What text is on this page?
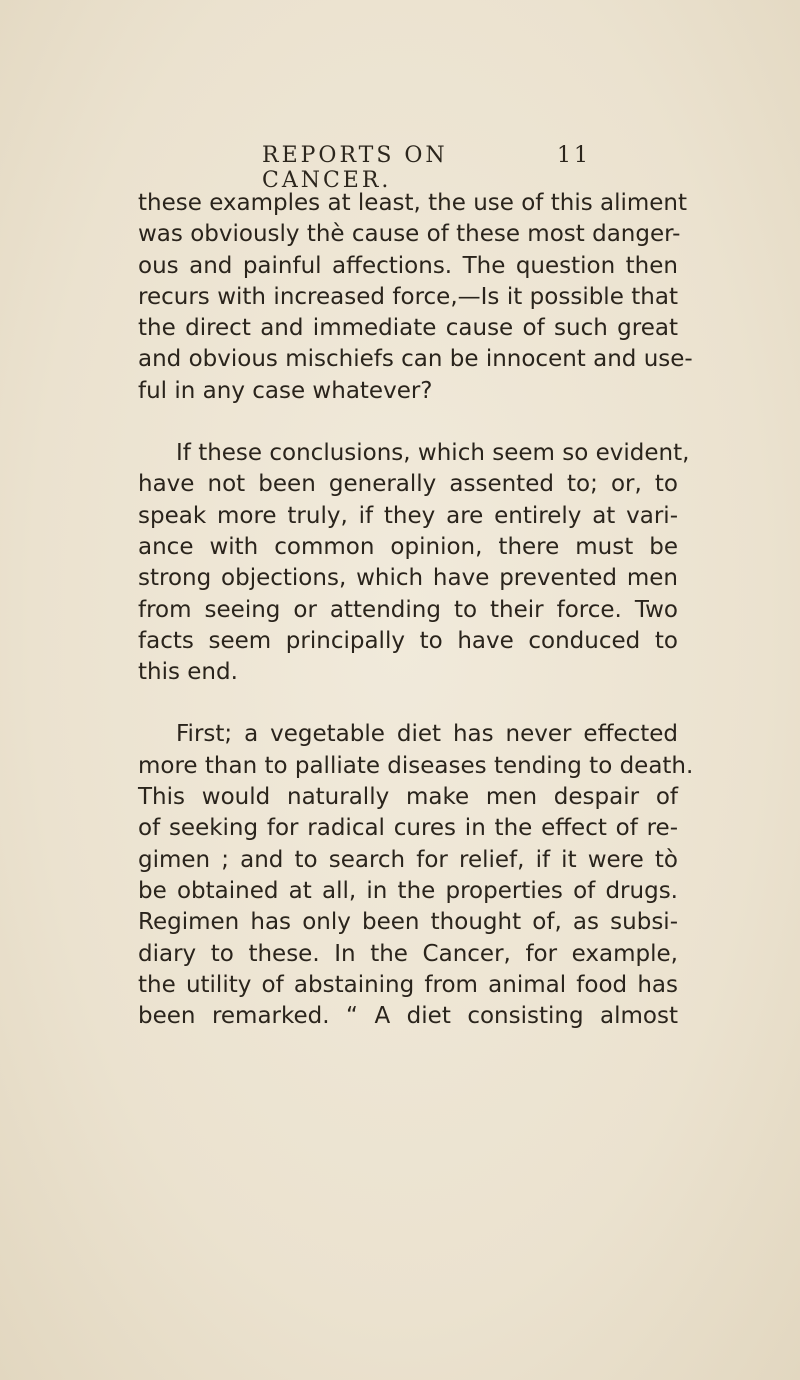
REPORTS ON CANCER.
11
these examples at least, the use of this aliment
was obviously thè cause of these most danger-
ous and painful affections. The question then
recurs with increased force,—Is it possible that
the direct and immediate cause of such great
and obvious mischiefs can be innocent and use-
ful in any case whatever?
If these conclusions, which seem so evident,
have not been generally assented to; or, to
speak more truly, if they are entirely at vari-
ance with common opinion, there must be
strong objections, which have prevented men
from seeing or attending to their force. Two
facts seem principally to have conduced to
this end.
First; a vegetable diet has never effected
more than to palliate diseases tending to death.
This would naturally make men despair of
of seeking for radical cures in the effect of re-
gimen ; and to search for relief, if it were tò
be obtained at all, in the properties of drugs.
Regimen has only been thought of, as subsi-
diary to these. In the Cancer, for example,
the utility of abstaining from animal food has
been remarked. “ A diet consisting almost
